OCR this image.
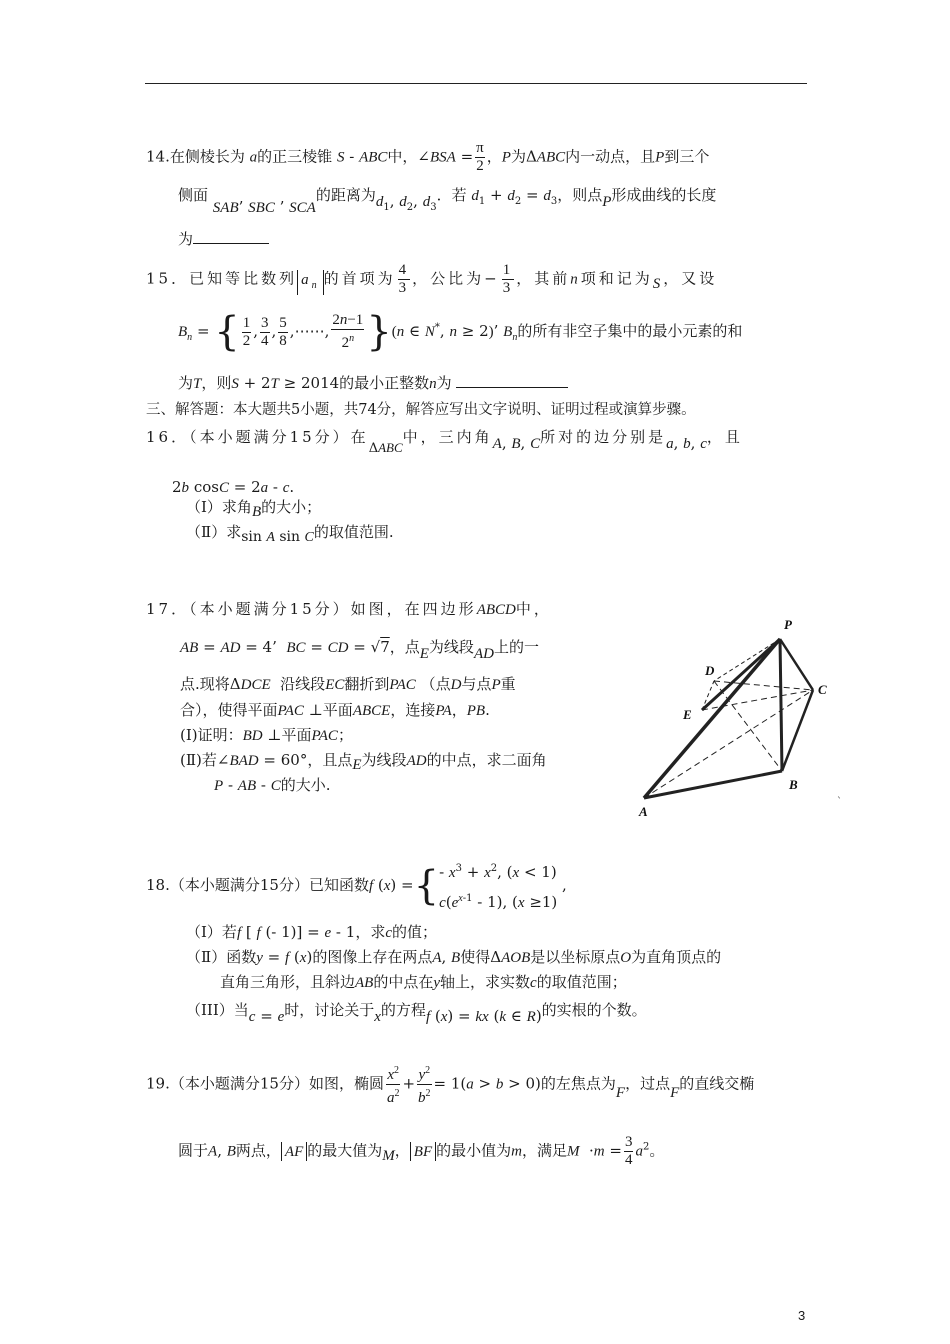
14.在侧棱长为 a的正三棱锥 S - ABC中，∠BSA = $\frac{\pi}{2}$ ，P为ΔABC内一动点，且P到三个
侧面 SAB’ SBC ’ SCA的距离为$d_1$, $d_2$, $d_3$．若 $d_1 + d_2 = d_3$，则点P形成曲线的长度
为
15．已知等比数列 $a_n$ 的首项为 $\frac{4}{3}$ ，公比为− $\frac{1}{3}$ ，其前n项和记为S，又设
$B_n$ = { $\frac{1}{2}$ , $\frac{3}{4}$ , $\frac{5}{8}$ ,⋯⋯, $\frac{2n-1}{2^n} \}(n$ ∈ N*, n ≥ 2)’ $B_n$的所有非空子集中的最小元素的和
为T，则S + 2T ≥ 2014的最小正整数n为
三、解答题：本大题共5小题，共74分，解答应写出文字说明、证明过程或演算步骤。
16．（本小题满分15分）在ΔABC中，三内角A, B, C所对的边分别是a, b, c，且
2b cosC = 2a - c.
（Ⅰ）求角B的大小；
（Ⅱ）求sin A sin C的取值范围.
17．（本小题满分15分）如图，在四边形ABCD中，
AB = AD = 4’  BC = CD = √7，点E为线段AD上的一
点.现将ΔDCE 沿线段EC翻折到PAC （点D与点P重
合），使得平面PAC ⊥平面ABCE，连接PA，PB.
(Ⅰ)证明：BD ⊥平面PAC；
(Ⅱ)若∠BAD = 60°，且点E为线段AD的中点，求二面角
P - AB - C的大小.
P
D
C
E
B
A
`
18.（本小题满分15分）已知函数f (x) ={ - $x^3 + x^2$, (x < 1)
$c(e^{x-1} - 1)$, (x ≥1)
,
（Ⅰ）若f [ f (- 1)] = e - 1，求c的值；
（Ⅱ）函数y = f (x)的图像上存在两点A, B使得ΔAOB是以坐标原点O为直角顶点的
直角三角形，且斜边AB的中点在y轴上，求实数c的取值范围；
（III）当c = e时，讨论关于x的方程f (x) = kx (k ∈ R)的实根的个数。
19.（本小题满分15分）如图，椭圆 $\frac{x^2}{a^2} + \frac{y^2}{b^2} = 1(a > b > 0)$的左焦点为F，过点F的直线交椭
圆于A, B两点， AF 的最大值为M， BF 的最小值为m，满足$M \cdot m = \frac{3}{4} a^2$。
3
